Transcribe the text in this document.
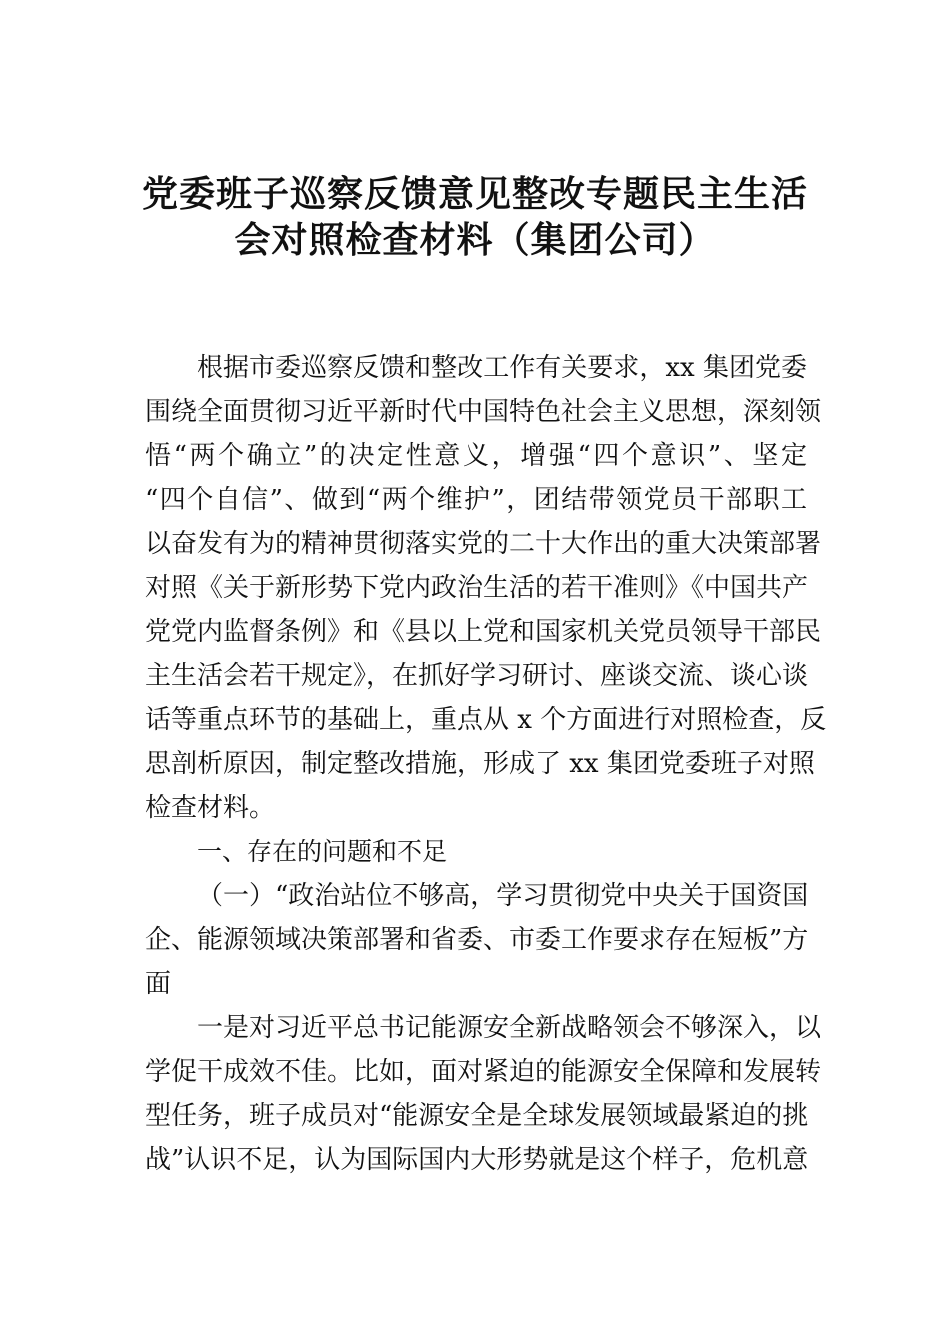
党委班子巡察反馈意见整改专题民主生活
会对照检查材料（集团公司）
根据市委巡察反馈和整改工作有关要求，xx 集团党委
围绕全面贯彻习近平新时代中国特色社会主义思想，深刻领
悟“两个确立”的决定性意义，增强“四个意识”、坚定
“四个自信”、做到“两个维护”，团结带领党员干部职工
以奋发有为的精神贯彻落实党的二十大作出的重大决策部署
对照《关于新形势下党内政治生活的若干准则》《中国共产
党党内监督条例》和《县以上党和国家机关党员领导干部民
主生活会若干规定》，在抓好学习研讨、座谈交流、谈心谈
话等重点环节的基础上，重点从 x 个方面进行对照检查，反
思剖析原因，制定整改措施，形成了 xx 集团党委班子对照
检查材料。
一、存在的问题和不足
（一）“政治站位不够高，学习贯彻党中央关于国资国
企、能源领域决策部署和省委、市委工作要求存在短板”方
面
一是对习近平总书记能源安全新战略领会不够深入，以
学促干成效不佳。比如，面对紧迫的能源安全保障和发展转
型任务，班子成员对“能源安全是全球发展领域最紧迫的挑
战”认识不足，认为国际国内大形势就是这个样子，危机意
